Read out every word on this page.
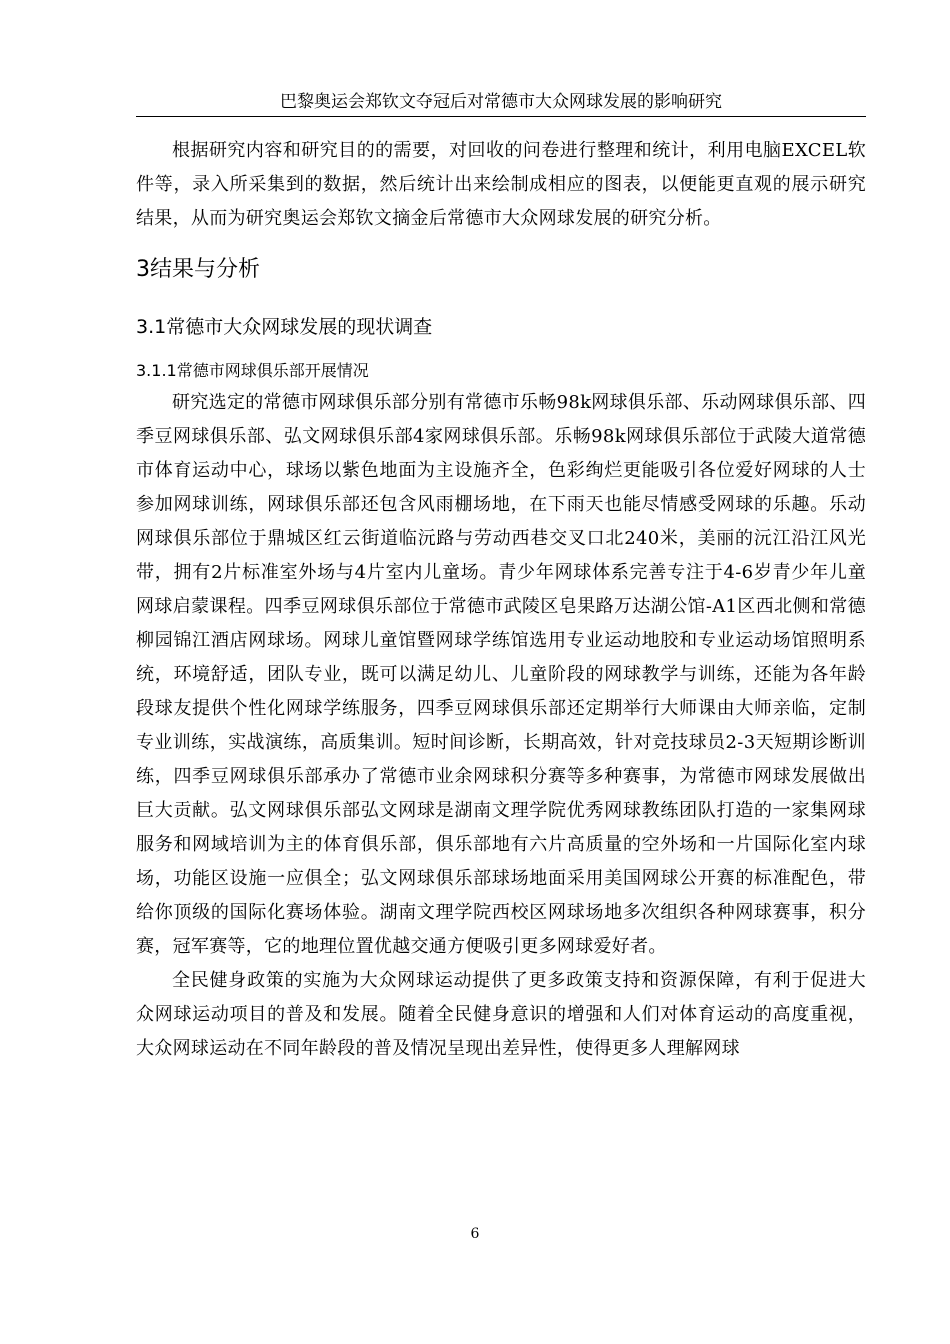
巴黎奥运会郑钦文夺冠后对常德市大众网球发展的影响研究

根据研究内容和研究目的的需要，对回收的问卷进行整理和统计，利用电脑EXCEL软件等，录入所采集到的数据，然后统计出来绘制成相应的图表，以便能更直观的展示研究结果，从而为研究奥运会郑钦文摘金后常德市大众网球发展的研究分析。

3结果与分析
3.1常德市大众网球发展的现状调查
3.1.1常德市网球俱乐部开展情况

研究选定的常德市网球俱乐部分别有常德市乐畅98k网球俱乐部、乐动网球俱乐部、四季豆网球俱乐部、弘文网球俱乐部4家网球俱乐部。乐畅98k网球俱乐部位于武陵大道常德市体育运动中心，球场以紫色地面为主设施齐全，色彩绚烂更能吸引各位爱好网球的人士参加网球训练，网球俱乐部还包含风雨棚场地，在下雨天也能尽情感受网球的乐趣。乐动网球俱乐部位于鼎城区红云街道临沅路与劳动西巷交叉口北240米，美丽的沅江沿江风光带，拥有2片标准室外场与4片室内儿童场。青少年网球体系完善专注于4-6岁青少年儿童网球启蒙课程。四季豆网球俱乐部位于常德市武陵区皂果路万达湖公馆-A1区西北侧和常德柳园锦江酒店网球场。网球儿童馆暨网球学练馆选用专业运动地胶和专业运动场馆照明系统，环境舒适，团队专业，既可以满足幼儿、儿童阶段的网球教学与训练，还能为各年龄段球友提供个性化网球学练服务，四季豆网球俱乐部还定期举行大师课由大师亲临，定制专业训练，实战演练，高质集训。短时间诊断，长期高效，针对竞技球员2-3天短期诊断训练，四季豆网球俱乐部承办了常德市业余网球积分赛等多种赛事，为常德市网球发展做出巨大贡献。弘文网球俱乐部弘文网球是湖南文理学院优秀网球教练团队打造的一家集网球服务和网域培训为主的体育俱乐部，俱乐部地有六片高质量的空外场和一片国际化室内球场，功能区设施一应俱全；弘文网球俱乐部球场地面采用美国网球公开赛的标准配色，带给你顶级的国际化赛场体验。湖南文理学院西校区网球场地多次组织各种网球赛事，积分赛，冠军赛等，它的地理位置优越交通方便吸引更多网球爱好者。

全民健身政策的实施为大众网球运动提供了更多政策支持和资源保障，有利于促进大众网球运动项目的普及和发展。随着全民健身意识的增强和人们对体育运动的高度重视，大众网球运动在不同年龄段的普及情况呈现出差异性，使得更多人理解网球

6
